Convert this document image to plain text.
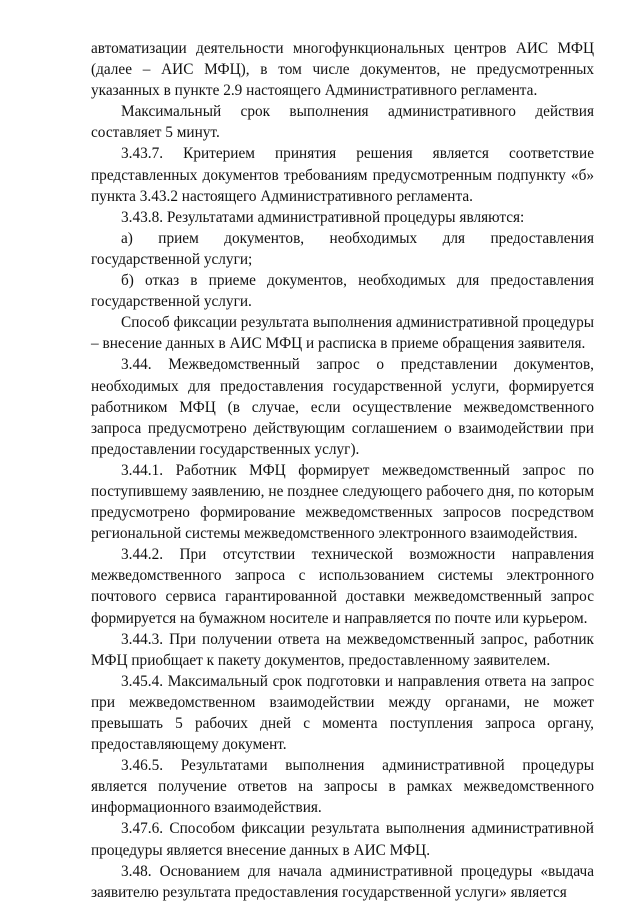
автоматизации деятельности многофункциональных центров АИС МФЦ (далее – АИС МФЦ), в том числе документов, не предусмотренных указанных в пункте 2.9 настоящего Административного регламента.

Максимальный срок выполнения административного действия составляет 5 минут.

3.43.7. Критерием принятия решения является соответствие представленных документов требованиям предусмотренным подпункту «б» пункта 3.43.2 настоящего Административного регламента.

3.43.8. Результатами административной процедуры являются:

а) прием документов, необходимых для предоставления государственной услуги;

б) отказ в приеме документов, необходимых для предоставления государственной услуги.

Способ фиксации результата выполнения административной процедуры – внесение данных в АИС МФЦ и расписка в приеме обращения заявителя.

3.44. Межведомственный запрос о представлении документов, необходимых для предоставления государственной услуги, формируется работником МФЦ (в случае, если осуществление межведомственного запроса предусмотрено действующим соглашением о взаимодействии при предоставлении государственных услуг).

3.44.1. Работник МФЦ формирует межведомственный запрос по поступившему заявлению, не позднее следующего рабочего дня, по которым предусмотрено формирование межведомственных запросов посредством региональной системы межведомственного электронного взаимодействия.

3.44.2. При отсутствии технической возможности направления межведомственного запроса с использованием системы электронного почтового сервиса гарантированной доставки межведомственный запрос формируется на бумажном носителе и направляется по почте или курьером.

3.44.3. При получении ответа на межведомственный запрос, работник МФЦ приобщает к пакету документов, предоставленному заявителем.

3.45.4. Максимальный срок подготовки и направления ответа на запрос при межведомственном взаимодействии между органами, не может превышать 5 рабочих дней с момента поступления запроса органу, предоставляющему документ.

3.46.5. Результатами выполнения административной процедуры является получение ответов на запросы в рамках межведомственного информационного взаимодействия.

3.47.6. Способом фиксации результата выполнения административной процедуры является внесение данных в АИС МФЦ.

3.48. Основанием для начала административной процедуры «выдача заявителю результата предоставления государственной услуги» является
